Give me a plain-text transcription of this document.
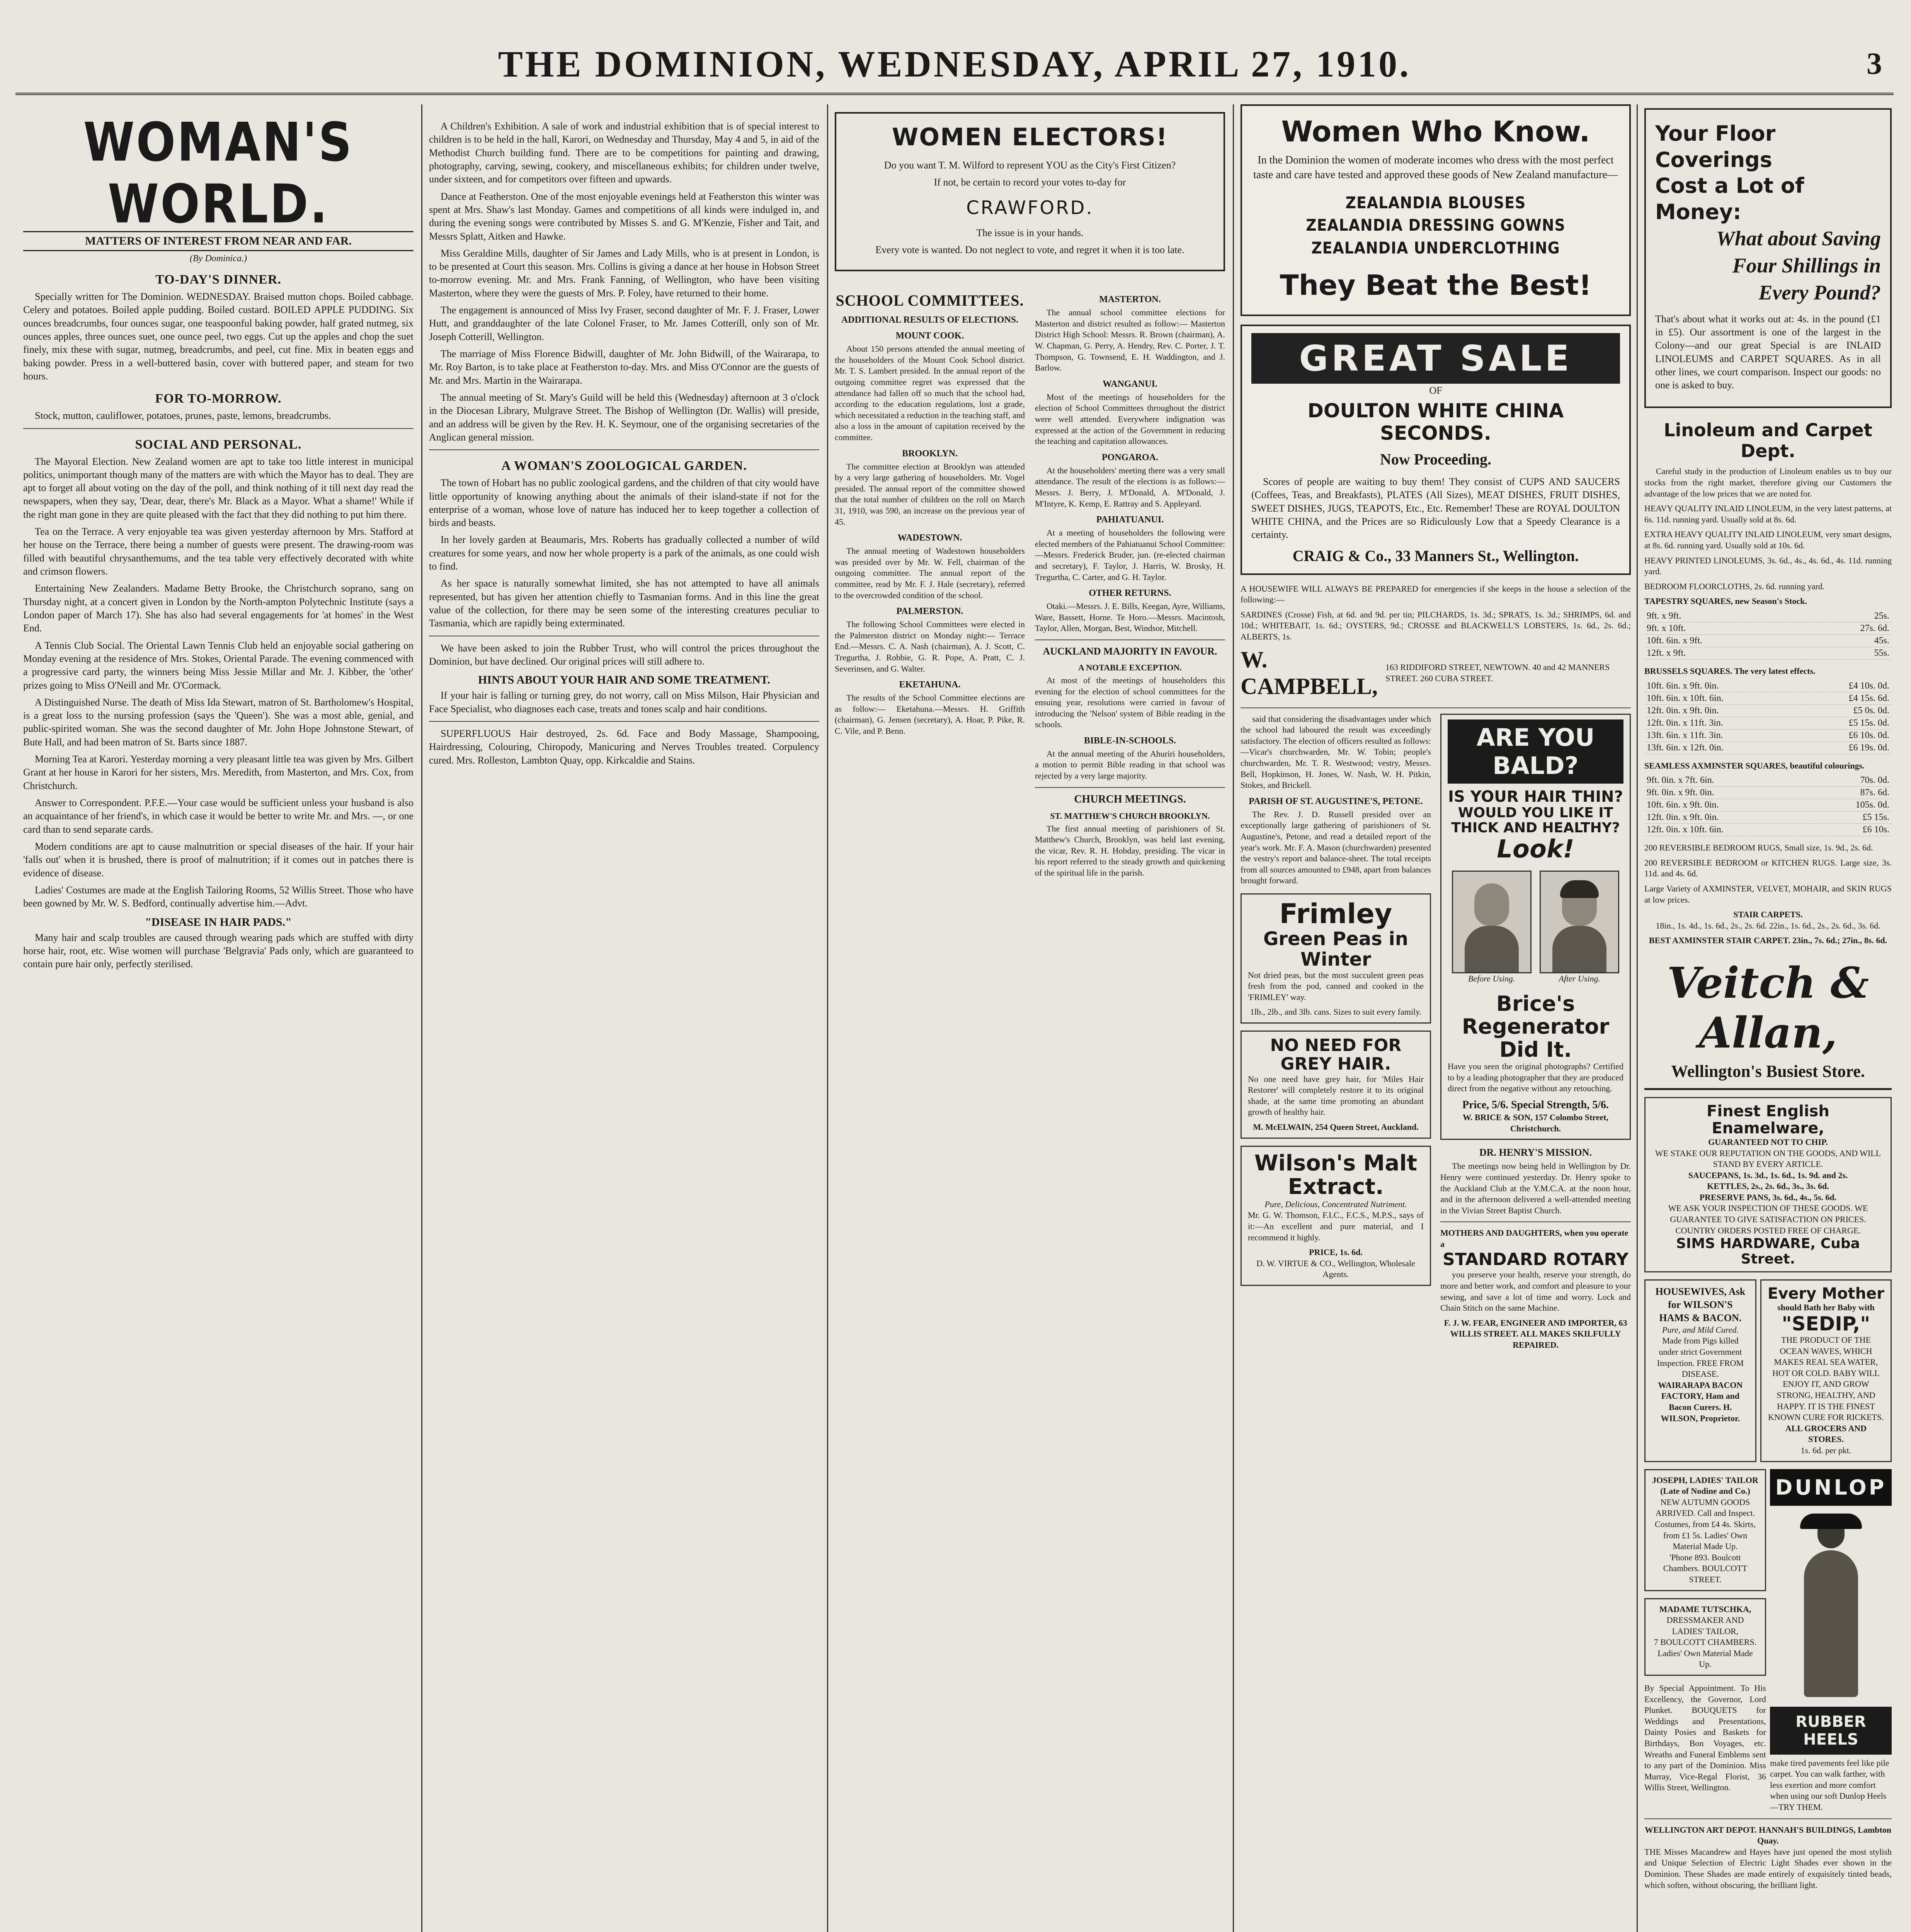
THE DOMINION, WEDNESDAY, APRIL 27, 1910.	3
WOMAN'S WORLD.
MATTERS OF INTEREST FROM NEAR AND FAR.
(By Dominica.)
TO-DAY'S DINNER.

Specially written for The Dominion. WEDNESDAY. Braised mutton chops. Boiled cabbage. Celery and potatoes. Boiled apple pudding. Boiled custard. BOILED APPLE PUDDING. Six ounces breadcrumbs, four ounces sugar, one teaspoonful baking powder, half grated nutmeg, six ounces apples, three ounces suet, one ounce peel, two eggs. Cut up the apples and chop the suet finely, mix these with sugar, nutmeg, breadcrumbs, and peel, cut fine. Mix in beaten eggs and baking powder. Press in a well-buttered basin, cover with buttered paper, and steam for two hours.

FOR TO-MORROW.

Stock, mutton, cauliflower, potatoes, prunes, paste, lemons, breadcrumbs.

SOCIAL AND PERSONAL.

The Mayoral Election. New Zealand women are apt to take too little interest in municipal politics, unimportant though many of the matters are with which the Mayor has to deal. They are apt to forget all about voting on the day of the poll, and think nothing of it till next day read the newspapers, when they say, 'Dear, dear, there's Mr. Black as a Mayor. What a shame!' While if the right man gone in they are quite pleased with the fact that they did nothing to put him there.

Tea on the Terrace. A very enjoyable tea was given yesterday afternoon by Mrs. Stafford at her house on the Terrace, there being a number of guests were present. The drawing-room was filled with beautiful chrysanthemums, and the tea table very effectively decorated with white and crimson flowers.

Entertaining New Zealanders. Madame Betty Brooke, the Christchurch soprano, sang on Thursday night, at a concert given in London by the North-ampton Polytechnic Institute (says a London paper of March 17). She has also had several engagements for 'at homes' in the West End.

A Tennis Club Social. The Oriental Lawn Tennis Club held an enjoyable social gathering on Monday evening at the residence of Mrs. Stokes, Oriental Parade. The evening commenced with a progressive card party, the winners being Miss Jessie Millar and Mr. J. Kibber, the 'other' prizes going to Miss O'Neill and Mr. O'Cormack.

A Distinguished Nurse. The death of Miss Ida Stewart, matron of St. Bartholomew's Hospital, is a great loss to the nursing profession (says the 'Queen'). She was a most able, genial, and public-spirited woman. She was the second daughter of Mr. John Hope Johnstone Stewart, of Bute Hall, and had been matron of St. Barts since 1887.

Morning Tea at Karori. Yesterday morning a very pleasant little tea was given by Mrs. Gilbert Grant at her house in Karori for her sisters, Mrs. Meredith, from Masterton, and Mrs. Cox, from Christchurch.

Answer to Correspondent. P.F.E.—Your case would be sufficient unless your husband is also an acquaintance of her friend's, in which case it would be better to write Mr. and Mrs. —, or one card than to send separate cards.

Modern conditions are apt to cause malnutrition or special diseases of the hair. If your hair 'falls out' when it is brushed, there is proof of malnutrition; if it comes out in patches there is evidence of disease.

Ladies' Costumes are made at the English Tailoring Rooms, 52 Willis Street. Those who have been gowned by Mr. W. S. Bedford, continually advertise him.—Advt.

"DISEASE IN HAIR PADS."

Many hair and scalp troubles are caused through wearing pads which are stuffed with dirty horse hair, root, etc. Wise women will purchase 'Belgravia' Pads only, which are guaranteed to contain pure hair only, perfectly sterilised.

A Children's Exhibition. A sale of work and industrial exhibition that is of special interest to children is to be held in the hall, Karori, on Wednesday and Thursday, May 4 and 5, in aid of the Methodist Church building fund. There are to be competitions for painting and drawing, photography, carving, sewing, cookery, and miscellaneous exhibits; for children under twelve, under sixteen, and for competitors over fifteen and upwards.

Dance at Featherston. One of the most enjoyable evenings held at Featherston this winter was spent at Mrs. Shaw's last Monday. Games and competitions of all kinds were indulged in, and during the evening songs were contributed by Misses S. and G. M'Kenzie, Fisher and Tait, and Messrs Splatt, Aitken and Hawke.

Miss Geraldine Mills, daughter of Sir James and Lady Mills, who is at present in London, is to be presented at Court this season. Mrs. Collins is giving a dance at her house in Hobson Street to-morrow evening. Mr. and Mrs. Frank Fanning, of Wellington, who have been visiting Masterton, where they were the guests of Mrs. P. Foley, have returned to their home.

The engagement is announced of Miss Ivy Fraser, second daughter of Mr. F. J. Fraser, Lower Hutt, and granddaughter of the late Colonel Fraser, to Mr. James Cotterill, only son of Mr. Joseph Cotterill, Wellington.

The marriage of Miss Florence Bidwill, daughter of Mr. John Bidwill, of the Wairarapa, to Mr. Roy Barton, is to take place at Featherston to-day. Mrs. and Miss O'Connor are the guests of Mr. and Mrs. Martin in the Wairarapa.

The annual meeting of St. Mary's Guild will be held this (Wednesday) afternoon at 3 o'clock in the Diocesan Library, Mulgrave Street. The Bishop of Wellington (Dr. Wallis) will preside, and an address will be given by the Rev. H. K. Seymour, one of the organising secretaries of the Anglican general mission.

A WOMAN'S ZOOLOGICAL GARDEN.

The town of Hobart has no public zoological gardens, and the children of that city would have little opportunity of knowing anything about the animals of their island-state if not for the enterprise of a woman, whose love of nature has induced her to keep together a collection of birds and beasts.

In her lovely garden at Beaumaris, Mrs. Roberts has gradually collected a number of wild creatures for some years, and now her whole property is a park of the animals, as one could wish to find.

As her space is naturally somewhat limited, she has not attempted to have all animals represented, but has given her attention chiefly to Tasmanian forms. And in this line the great value of the collection, for there may be seen some of the interesting creatures peculiar to Tasmania, which are rapidly being exterminated.

We have been asked to join the Rubber Trust, who will control the prices throughout the Dominion, but have declined. Our original prices will still adhere to.

HINTS ABOUT YOUR HAIR AND SOME TREATMENT.

If your hair is falling or turning grey, do not worry, call on Miss Milson, Hair Physician and Face Specialist, who diagnoses each case, treats and tones scalp and hair conditions.

SUPERFLUOUS Hair destroyed, 2s. 6d. Face and Body Massage, Shampooing, Hairdressing, Colouring, Chiropody, Manicuring and Nerves Troubles treated. Corpulency cured. Mrs. Rolleston, Lambton Quay, opp. Kirkcaldie and Stains.

WOMEN ELECTORS!

Do you want T. M. Wilford to represent YOU as the City's First Citizen?

If not, be certain to record your votes to-day for

CRAWFORD.

The issue is in your hands.

Every vote is wanted. Do not neglect to vote, and regret it when it is too late.

SCHOOL COMMITTEES.
ADDITIONAL RESULTS OF ELECTIONS.
MOUNT COOK.

About 150 persons attended the annual meeting of the householders of the Mount Cook School district. Mr. T. S. Lambert presided. In the annual report of the outgoing committee regret was expressed that the attendance had fallen off so much that the school had, according to the education regulations, lost a grade, which necessitated a reduction in the teaching staff, and also a loss in the amount of capitation received by the committee.

BROOKLYN.

The committee election at Brooklyn was attended by a very large gathering of householders. Mr. Vogel presided. The annual report of the committee showed that the total number of children on the roll on March 31, 1910, was 590, an increase on the previous year of 45.

WADESTOWN.

The annual meeting of Wadestown householders was presided over by Mr. W. Fell, chairman of the outgoing committee. The annual report of the committee, read by Mr. F. J. Hale (secretary), referred to the overcrowded condition of the school.

PALMERSTON.

The following School Committees were elected in the Palmerston district on Monday night:— Terrace End.—Messrs. C. A. Nash (chairman), A. J. Scott, C. Tregurtha, J. Robbie, G. R. Pope, A. Pratt, C. J. Severinsen, and G. Walter.

EKETAHUNA.

The results of the School Committee elections are as follow:— Eketahuna.—Messrs. H. Griffith (chairman), G. Jensen (secretary), A. Hoar, P. Pike, R. C. Vile, and P. Benn.

MASTERTON.

The annual school committee elections for Masterton and district resulted as follow:— Masterton District High School: Messrs. R. Brown (chairman), A. W. Chapman, G. Perry, A. Hendry, Rev. C. Porter, J. T. Thompson, G. Townsend, E. H. Waddington, and J. Barlow.

WANGANUI.

Most of the meetings of householders for the election of School Committees throughout the district were well attended. Everywhere indignation was expressed at the action of the Government in reducing the teaching and capitation allowances.

PONGAROA.

At the householders' meeting there was a very small attendance. The result of the elections is as follows:— Messrs. J. Berry, J. M'Donald, A. M'Donald, J. M'Intyre, K. Kemp, E. Rattray and S. Appleyard.

PAHIATUANUI.

At a meeting of householders the following were elected members of the Pahiatuanui School Committee:—Messrs. Frederick Bruder, jun. (re-elected chairman and secretary), F. Taylor, J. Harris, W. Brosky, H. Tregurtha, C. Carter, and G. H. Taylor.

OTHER RETURNS.

Otaki.—Messrs. J. E. Bills, Keegan, Ayre, Williams, Ware, Bassett, Horne. Te Horo.—Messrs. Macintosh, Taylor, Allen, Morgan, Best, Windsor, Mitchell.

AUCKLAND MAJORITY IN FAVOUR.
A NOTABLE EXCEPTION.

At most of the meetings of householders this evening for the election of school committees for the ensuing year, resolutions were carried in favour of introducing the 'Nelson' system of Bible reading in the schools.

BIBLE-IN-SCHOOLS.

At the annual meeting of the Ahuriri householders, a motion to permit Bible reading in that school was rejected by a very large majority.

CHURCH MEETINGS.
ST. MATTHEW'S CHURCH BROOKLYN.

The first annual meeting of parishioners of St. Matthew's Church, Brooklyn, was held last evening, the vicar, Rev. R. H. Hobday, presiding. The vicar in his report referred to the steady growth and quickening of the spiritual life in the parish.

Women Who Know.
In the Dominion the women of moderate incomes who dress with the most perfect taste and care have tested and approved these goods of New Zealand manufacture—
ZEALANDIA BLOUSES
ZEALANDIA DRESSING GOWNS
ZEALANDIA UNDERCLOTHING
They Beat the Best!
GREAT SALE
OF
DOULTON WHITE CHINA SECONDS.
Now Proceeding.

Scores of people are waiting to buy them! They consist of CUPS AND SAUCERS (Coffees, Teas, and Breakfasts), PLATES (All Sizes), MEAT DISHES, FRUIT DISHES, SWEET DISHES, JUGS, TEAPOTS, Etc., Etc. Remember! These are ROYAL DOULTON WHITE CHINA, and the Prices are so Ridiculously Low that a Speedy Clearance is a certainty.

CRAIG & Co., 33 Manners St., Wellington.

A HOUSEWIFE WILL ALWAYS BE PREPARED for emergencies if she keeps in the house a selection of the following:—

SARDINES (Crosse) Fish, at 6d. and 9d. per tin; PILCHARDS, 1s. 3d.; SPRATS, 1s. 3d.; SHRIMPS, 6d. and 10d.; WHITEBAIT, 1s. 6d.; OYSTERS, 9d.; CROSSE and BLACKWELL'S LOBSTERS, 1s. 6d., 2s. 6d.; ALBERTS, 1s.

W. CAMPBELL,
163 RIDDIFORD STREET, NEWTOWN. 40 and 42 MANNERS STREET. 260 CUBA STREET.

said that considering the disadvantages under which the school had laboured the result was exceedingly satisfactory. The election of officers resulted as follows:—Vicar's churchwarden, Mr. W. Tobin; people's churchwarden, Mr. T. R. Westwood; vestry, Messrs. Bell, Hopkinson, H. Jones, W. Nash, W. H. Pitkin, Stokes, and Brickell.

PARISH OF ST. AUGUSTINE'S, PETONE.

The Rev. J. D. Russell presided over an exceptionally large gathering of parishioners of St. Augustine's, Petone, and read a detailed report of the year's work. Mr. F. A. Mason (churchwarden) presented the vestry's report and balance-sheet. The total receipts from all sources amounted to £948, apart from balances brought forward.

Frimley
Green Peas in Winter

Not dried peas, but the most succulent green peas fresh from the pod, canned and cooked in the 'FRIMLEY' way.

1lb., 2lb., and 3lb. cans. Sizes to suit every family.
NO NEED FOR GREY HAIR.

No one need have grey hair, for 'Miles Hair Restorer' will completely restore it to its original shade, at the same time promoting an abundant growth of healthy hair.

M. McELWAIN, 254 Queen Street, Auckland.
Wilson's Malt Extract.
Pure, Delicious, Concentrated Nutriment.

Mr. G. W. Thomson, F.I.C., F.C.S., M.P.S., says of it:—An excellent and pure material, and I recommend it highly.

PRICE, 1s. 6d.
D. W. VIRTUE & CO., Wellington, Wholesale Agents.
ARE YOU BALD?
IS YOUR HAIR THIN?
WOULD YOU LIKE IT THICK AND HEALTHY?
Look!
Before Using.	After Using.
Brice's Regenerator Did It.

Have you seen the original photographs? Certified to by a leading photographer that they are produced direct from the negative without any retouching.

Price, 5/6. Special Strength, 5/6.
W. BRICE & SON, 157 Colombo Street, Christchurch.
DR. HENRY'S MISSION.

The meetings now being held in Wellington by Dr. Henry were continued yesterday. Dr. Henry spoke to the Auckland Club at the Y.M.C.A. at the noon hour, and in the afternoon delivered a well-attended meeting in the Vivian Street Baptist Church.

MOTHERS AND DAUGHTERS, when you operate a
STANDARD ROTARY

you preserve your health, reserve your strength, do more and better work, and comfort and pleasure to your sewing, and save a lot of time and worry. Lock and Chain Stitch on the same Machine.

F. J. W. FEAR, ENGINEER AND IMPORTER, 63 WILLIS STREET. ALL MAKES SKILFULLY REPAIRED.
Your Floor Coverings
Cost a Lot of Money:
What about Saving
Four Shillings in
Every Pound?

That's about what it works out at: 4s. in the pound (£1 in £5). Our assortment is one of the largest in the Colony—and our great Special is are INLAID LINOLEUMS and CARPET SQUARES. As in all other lines, we court comparison. Inspect our goods: no one is asked to buy.

Linoleum and Carpet Dept.

Careful study in the production of Linoleum enables us to buy our stocks from the right market, therefore giving our Customers the advantage of the low prices that we are noted for.

HEAVY QUALITY INLAID LINOLEUM, in the very latest patterns, at 6s. 11d. running yard. Usually sold at 8s. 6d.

EXTRA HEAVY QUALITY INLAID LINOLEUM, very smart designs, at 8s. 6d. running yard. Usually sold at 10s. 6d.

HEAVY PRINTED LINOLEUMS, 3s. 6d., 4s., 4s. 6d., 4s. 11d. running yard.

BEDROOM FLOORCLOTHS, 2s. 6d. running yard.

TAPESTRY SQUARES, new Season's Stock.
9ft. x 9ft.	25s.
9ft. x 10ft.	27s. 6d.
10ft. 6in. x 9ft.	45s.
12ft. x 9ft.	55s.
BRUSSELS SQUARES. The very latest effects.
10ft. 6in. x 9ft. 0in.	£4 10s. 0d.
10ft. 6in. x 10ft. 6in.	£4 15s. 6d.
12ft. 0in. x 9ft. 0in.	£5 0s. 0d.
12ft. 0in. x 11ft. 3in.	£5 15s. 0d.
13ft. 6in. x 11ft. 3in.	£6 10s. 0d.
13ft. 6in. x 12ft. 0in.	£6 19s. 0d.
SEAMLESS AXMINSTER SQUARES, beautiful colourings.
9ft. 0in. x 7ft. 6in.	70s. 0d.
9ft. 0in. x 9ft. 0in.	87s. 6d.
10ft. 6in. x 9ft. 0in.	105s. 0d.
12ft. 0in. x 9ft. 0in.	£5 15s.
12ft. 0in. x 10ft. 6in.	£6 10s.

200 REVERSIBLE BEDROOM RUGS, Small size, 1s. 9d., 2s. 6d.

200 REVERSIBLE BEDROOM or KITCHEN RUGS. Large size, 3s. 11d. and 4s. 6d.

Large Variety of AXMINSTER, VELVET, MOHAIR, and SKIN RUGS at low prices.

STAIR CARPETS.

18in., 1s. 4d., 1s. 6d., 2s., 2s. 6d. 22in., 1s. 6d., 2s., 2s. 6d., 3s. 6d.

BEST AXMINSTER STAIR CARPET. 23in., 7s. 6d.; 27in., 8s. 6d.

Veitch & Allan,
Wellington's Busiest Store.
Finest English Enamelware,
GUARANTEED NOT TO CHIP.
WE STAKE OUR REPUTATION ON THE GOODS, AND WILL STAND BY EVERY ARTICLE.
SAUCEPANS, 1s. 3d., 1s. 6d., 1s. 9d. and 2s.
KETTLES, 2s., 2s. 6d., 3s., 3s. 6d.
PRESERVE PANS, 3s. 6d., 4s., 5s. 6d.
WE ASK YOUR INSPECTION OF THESE GOODS. WE GUARANTEE TO GIVE SATISFACTION ON PRICES.
COUNTRY ORDERS POSTED FREE OF CHARGE.
SIMS HARDWARE, Cuba Street.
HOUSEWIVES, Ask for WILSON'S HAMS & BACON.
Pure, and Mild Cured.
Made from Pigs killed under strict Government Inspection. FREE FROM DISEASE.
WAIRARAPA BACON FACTORY, Ham and Bacon Curers. H. WILSON, Proprietor.
Every Mother
should Bath her Baby with
"SEDIP,"
THE PRODUCT OF THE OCEAN WAVES, WHICH MAKES REAL SEA WATER, HOT OR COLD. BABY WILL ENJOY IT, AND GROW STRONG, HEALTHY, AND HAPPY. IT IS THE FINEST KNOWN CURE FOR RICKETS.
ALL GROCERS AND STORES.
1s. 6d. per pkt.
JOSEPH, LADIES' TAILOR (Late of Nodine and Co.)
NEW AUTUMN GOODS ARRIVED. Call and Inspect. Costumes, from £4 4s. Skirts, from £1 5s. Ladies' Own Material Made Up.
'Phone 893. Boulcott Chambers. BOULCOTT STREET.
MADAME TUTSCHKA,
DRESSMAKER AND LADIES' TAILOR,
7 BOULCOTT CHAMBERS.
Ladies' Own Material Made Up.

By Special Appointment. To His Excellency, the Governor, Lord Plunket. BOUQUETS for Weddings and Presentations, Dainty Posies and Baskets for Birthdays, Bon Voyages, etc. Wreaths and Funeral Emblems sent to any part of the Dominion. Miss Murray, Vice-Regal Florist, 36 Willis Street, Wellington.

DUNLOP
RUBBER HEELS
make tired pavements feel like pile carpet. You can walk farther, with less exertion and more comfort when using our soft Dunlop Heels—TRY THEM.
WELLINGTON ART DEPOT. HANNAH'S BUILDINGS, Lambton Quay.

THE Misses Macandrew and Hayes have just opened the most stylish and Unique Selection of Electric Light Shades ever shown in the Dominion. These Shades are made entirely of exquisitely tinted beads, which soften, without obscuring, the brilliant light.
